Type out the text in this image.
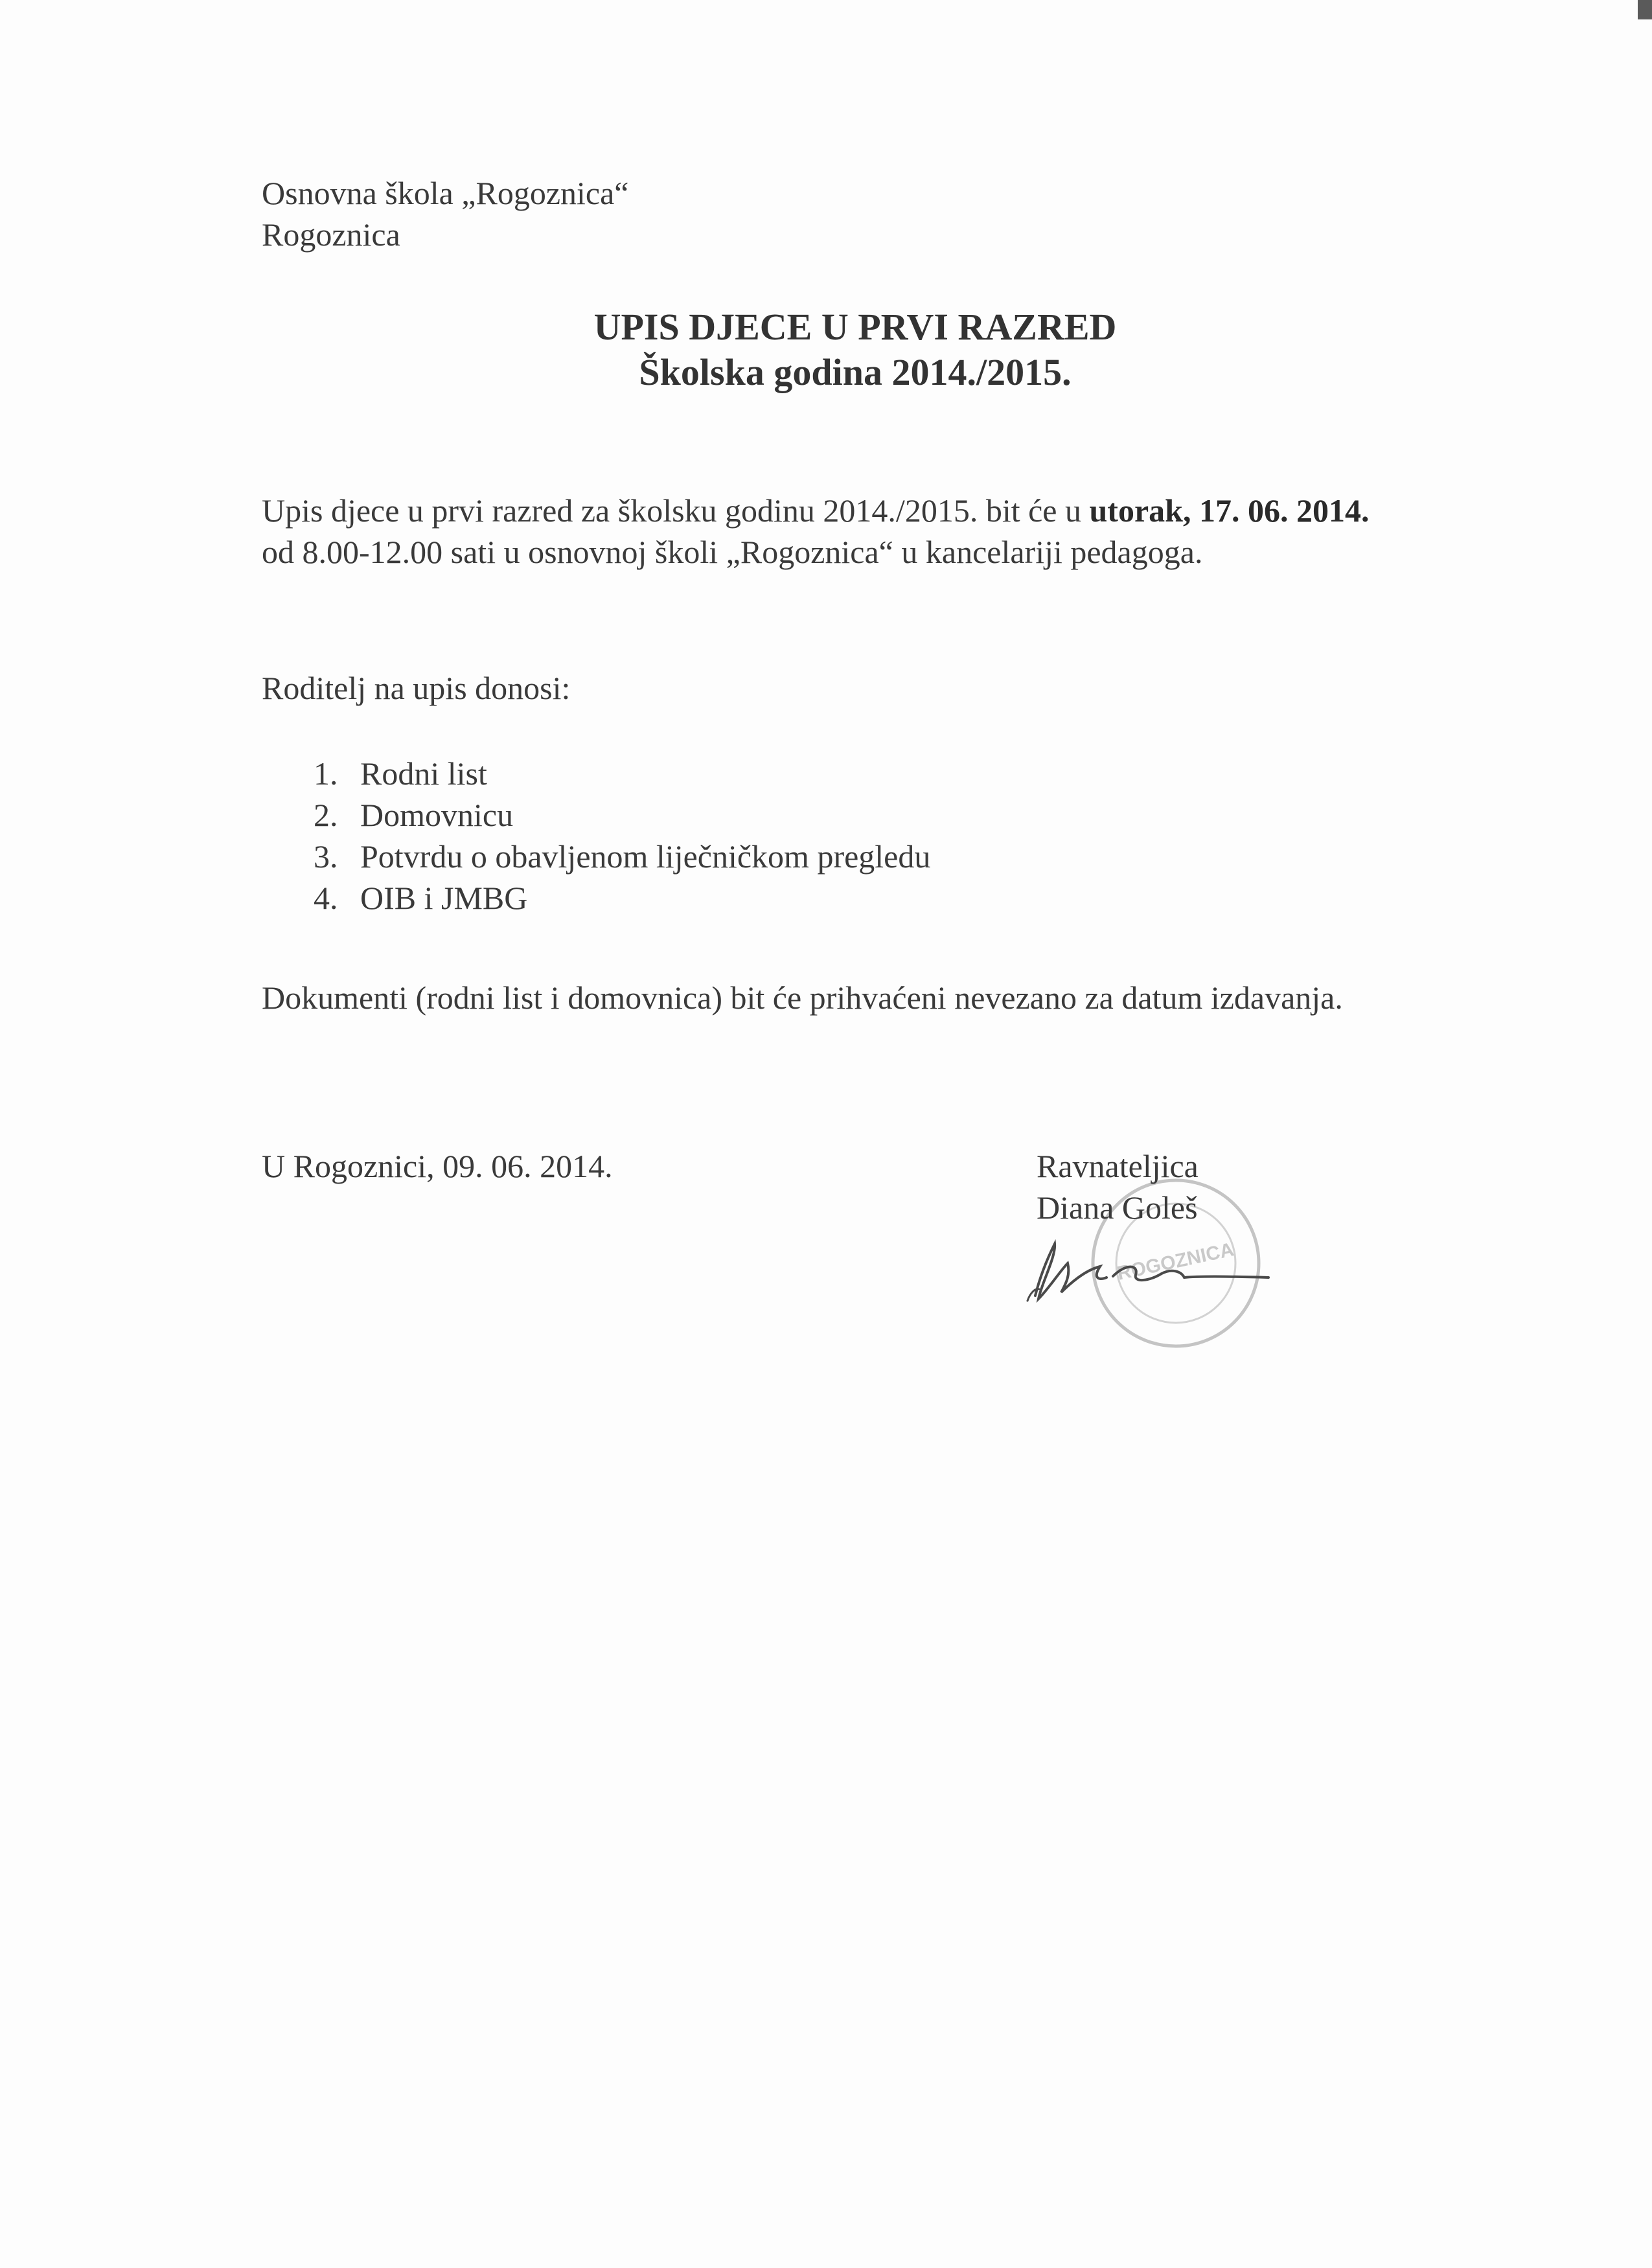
Osnovna škola „Rogoznica“
Rogoznica
UPIS DJECE U PRVI RAZRED
Školska godina 2014./2015.
Upis djece u prvi razred za školsku godinu 2014./2015. bit će u utorak, 17. 06. 2014. od 8.00-12.00 sati u osnovnoj školi „Rogoznica“ u kancelariji pedagoga.
Roditelj na upis donosi:
1. Rodni list
2. Domovnicu
3. Potvrdu o obavljenom liječničkom pregledu
4. OIB i JMBG
Dokumenti (rodni list i domovnica) bit će prihvaćeni nevezano za datum izdavanja.
U Rogoznici, 09. 06. 2014.
ROGOZNICA
Ravnateljica
Diana Goleš
